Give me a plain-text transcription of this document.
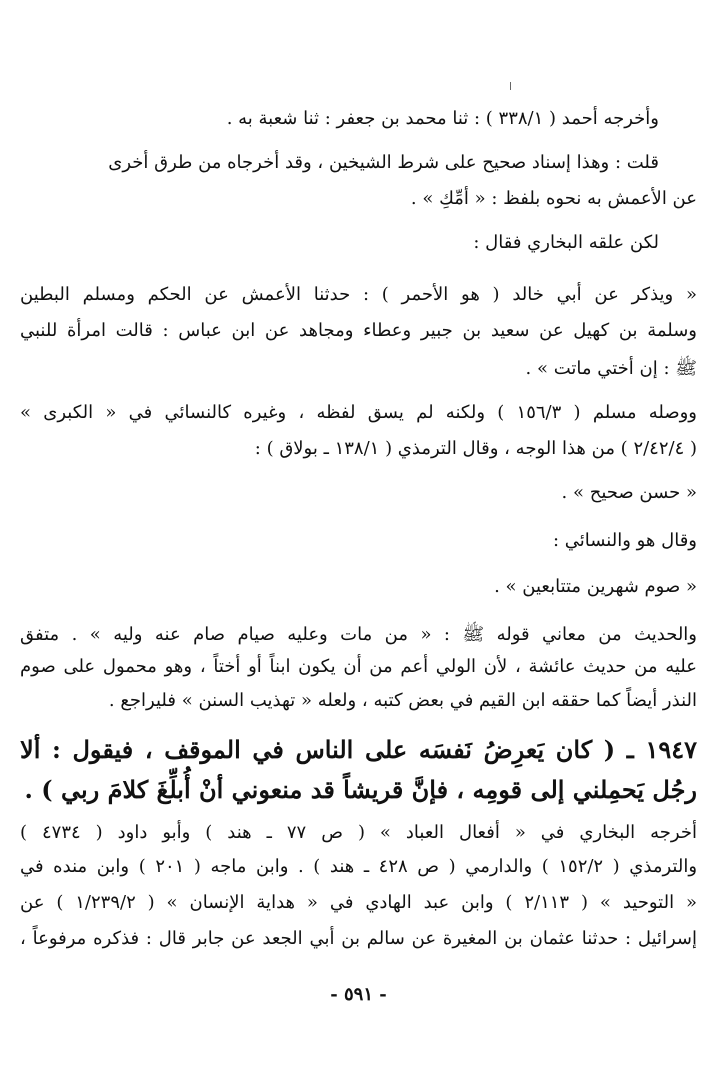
وأخرجه أحمد ( ٣٣٨/١ ) : ثنا محمد بن جعفر : ثنا شعبة به .
قلت : وهذا إسناد صحيح على شرط الشيخين ، وقد أخرجاه من طرق أخرى
عن الأعمش به نحوه بلفظ : « أمِّكِ » .
لكن علقه البخاري فقال :
« ويذكر عن أبي خالد ( هو الأحمر ) : حدثنا الأعمش عن الحكم ومسلم البطين
وسلمة بن كهيل عن سعيد بن جبير وعطاء ومجاهد عن ابن عباس : قالت امرأة للنبي
ﷺ : إن أختي ماتت » .
ووصله مسلم ( ١٥٦/٣ ) ولكنه لم يسق لفظه ، وغيره كالنسائي في « الكبرى »
( ٢/٤٢/٤ ) من هذا الوجه ، وقال الترمذي ( ١٣٨/١ ـ بولاق ) :
« حسن صحيح » .
وقال هو والنسائي :
« صوم شهرين متتابعين » .
والحديث من معاني قوله ﷺ : « من مات وعليه صيام صام عنه وليه » . متفق
عليه من حديث عائشة ، لأن الولي أعم من أن يكون ابناً أو أختاً ، وهو محمول على صوم
النذر أيضاً كما حققه ابن القيم في بعض كتبه ، ولعله « تهذيب السنن » فليراجع .
١٩٤٧ ـ ( كان يَعرِضُ نَفسَه على الناس في الموقف ، فيقول : ألا
رجُل يَحمِلني إلى قومِه ، فإنَّ قريشاً قد منعوني أنْ أُبلِّغَ كلامَ ربي ) .
أخرجه البخاري في « أفعال العباد » ( ص ٧٧ ـ هند ) وأبو داود ( ٤٧٣٤ )
والترمذي ( ١٥٢/٢ ) والدارمي ( ص ٤٢٨ ـ هند ) . وابن ماجه ( ٢٠١ ) وابن منده في
« التوحيد » ( ٢/١١٣ ) وابن عبد الهادي في « هداية الإنسان » ( ١/٢٣٩/٢ ) عن
إسرائيل : حدثنا عثمان بن المغيرة عن سالم بن أبي الجعد عن جابر قال : فذكره مرفوعاً ،
- ٥٩١ -
